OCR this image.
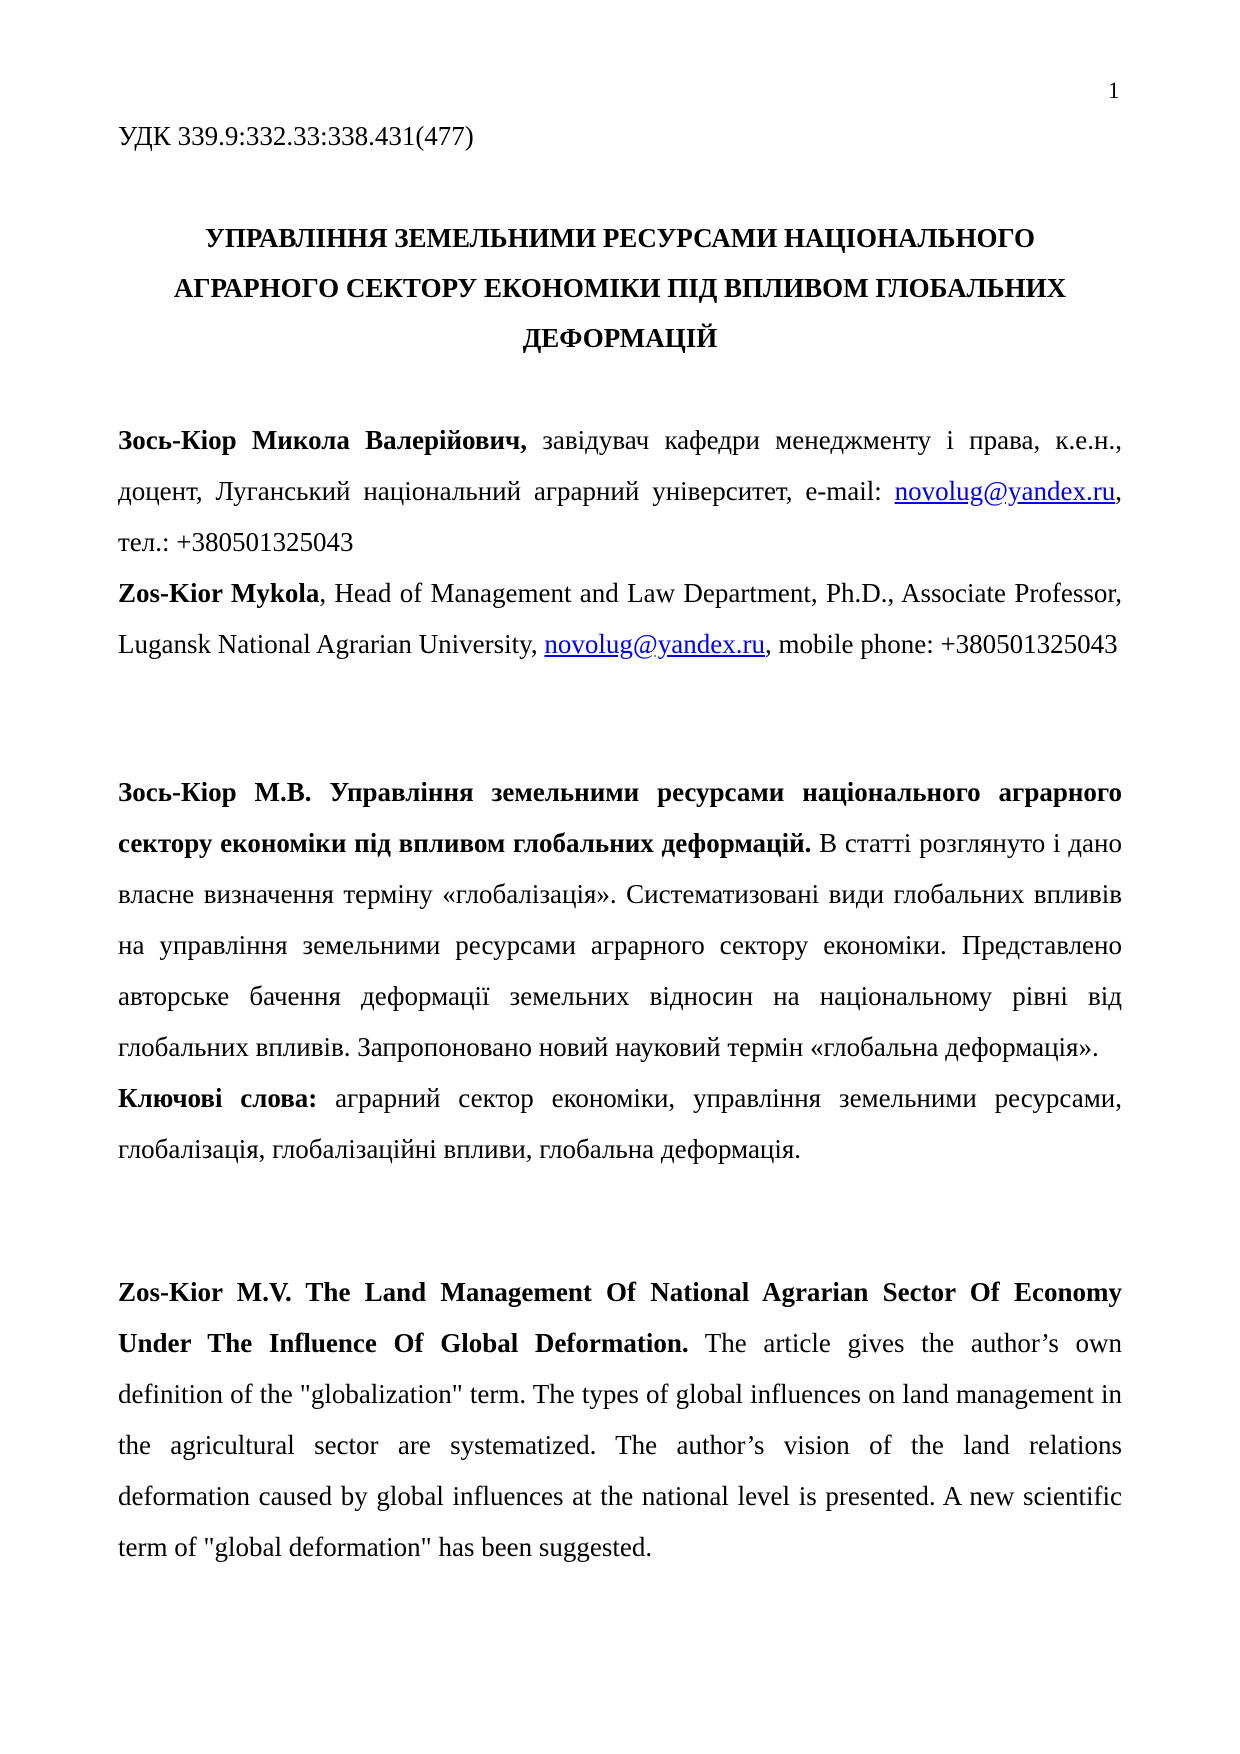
1
УДК 339.9:332.33:338.431(477)
УПРАВЛІННЯ ЗЕМЕЛЬНИМИ РЕСУРСАМИ НАЦІОНАЛЬНОГО
АГРАРНОГО СЕКТОРУ ЕКОНОМІКИ ПІД ВПЛИВОМ ГЛОБАЛЬНИХ
ДЕФОРМАЦІЙ

Зось-Кіор Микола Валерійович, завідувач кафедри менеджменту і права, к.е.н., доцент, Луганський національний аграрний університет, e-mail: novolug@yandex.ru, тел.: +380501325043

Zos-Kior Mykola, Head of Management and Law Department, Ph.D., Associate Professor, Lugansk National Agrarian University, novolug@yandex.ru, mobile phone: +380501325043

Зось-Кіор М.В. Управління земельними ресурсами національного аграрного сектору економіки під впливом глобальних деформацій. В статті розглянуто і дано власне визначення терміну «глобалізація». Систематизовані види глобальних впливів на управління земельними ресурсами аграрного сектору економіки. Представлено авторське бачення деформації земельних відносин на національному рівні від глобальних впливів. Запропоновано новий науковий термін «глобальна деформація».

Ключові слова: аграрний сектор економіки, управління земельними ресурсами, глобалізація, глобалізаційні впливи, глобальна деформація.

Zos-Kior M.V. The Land Management Of National Agrarian Sector Of Economy Under The Influence Of Global Deformation. The article gives the author’s own definition of the "globalization" term. The types of global influences on land management in the agricultural sector are systematized. The author’s vision of the land relations deformation caused by global influences at the national level is presented. A new scientific term of "global deformation" has been suggested.
